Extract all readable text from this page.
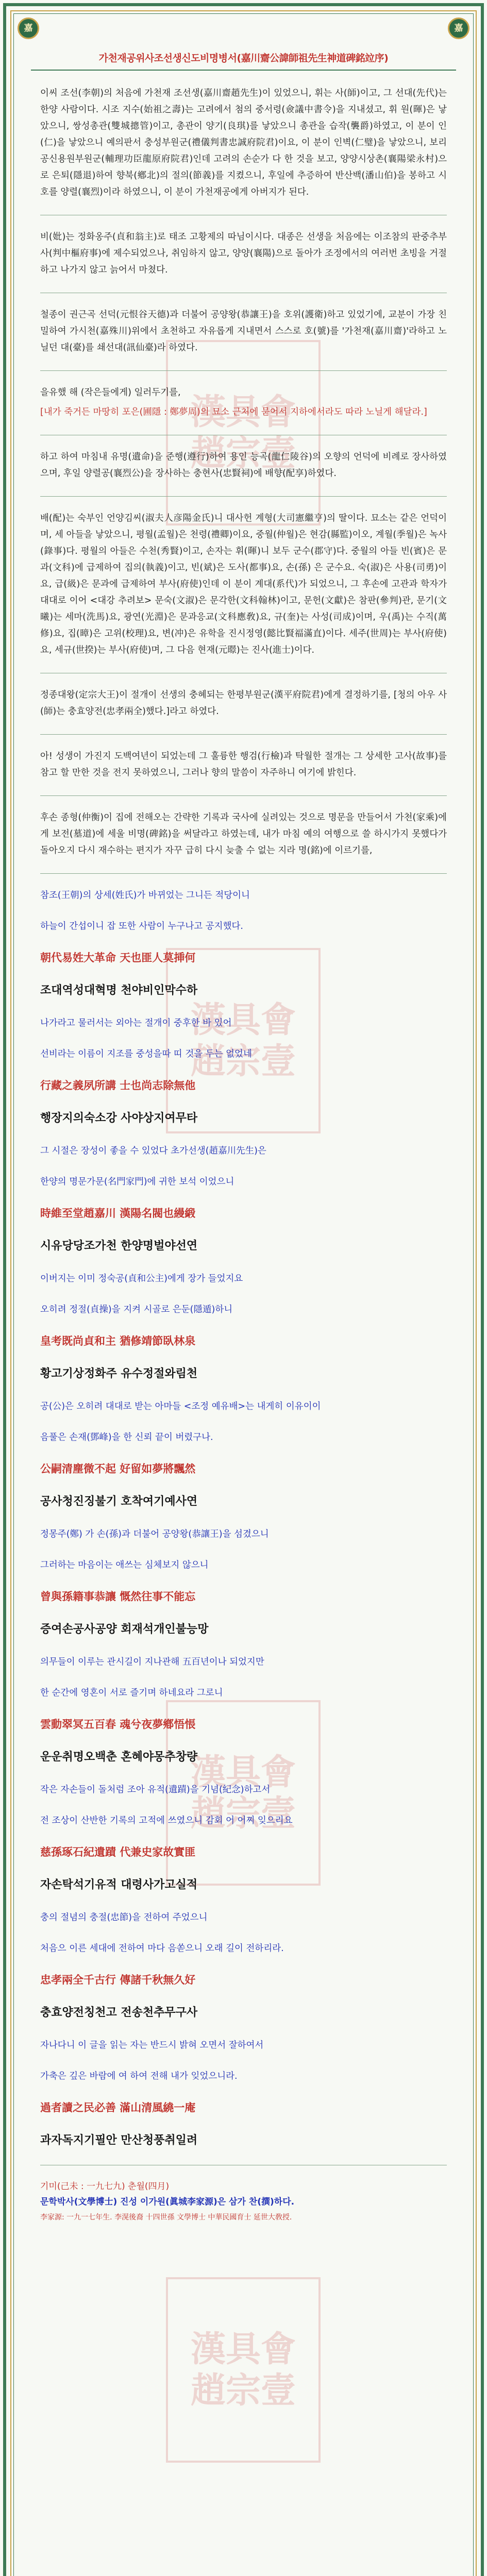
嘉	嘉
漢具會
趙宗壹
漢具會
趙宗壹
漢具會
趙宗壹
漢具會
趙宗壹
가천재공위사조선생신도비명병서(嘉川齋公諱師祖先生神道碑銘竝序)

이씨 조선(李朝)의 처음에 가천재 조선생(嘉川齋趙先生)이 있었으니, 휘는 사(師)이고, 그 선대(先代)는 한양 사람이다. 시조 지수(始祖之壽)는 고려에서 첨의 중서령(僉議中書令)을 지내셨고, 휘 원(暉)은 낳았으니, 쌍성총관(雙城摠管)이고, 총관이 양기(良琪)를 낳았으니 총관을 습작(襲爵)하였고, 이 분이 인(仁)을 낳았으니 예의판서 충성부원군(禮儀判書忠誠府院君)이요, 이 분이 인벽(仁璧)을 낳았으니, 보리공신용원부원군(輔理功臣龍原府院君)인데 고려의 손순가 다 한 것을 보고, 양양시상촌(襄陽梁永村)으로 은퇴(隱退)하여 향북(鄕北)의 절의(節義)를 지켰으니, 후일에 추증하여 반산백(潘山伯)을 봉하고 시호를 양렬(襄烈)이라 하였으니, 이 분이 가천재공에게 아버지가 된다.

비(妣)는 정화옹주(貞和翁主)로 태조 고황제의 따님이시다. 대종은 선생을 처음에는 이조참의 판중추부사(判中樞府事)에 제수되었으나, 취임하지 않고, 양양(襄陽)으로 돌아가 조정에서의 여러번 초빙을 거절하고 나가지 않고 늙어서 마쳤다.

철종이 권근곡 선덕(元恨谷天德)과 더불어 공양왕(恭讓王)을 호위(護衛)하고 있었기에, 교분이 가장 친밀하여 가시천(嘉殊川)위에서 초천하고 자유롭게 지내면서 스스로 호(號)를 '가천재(嘉川齋)'라하고 노닐던 대(臺)를 쇄선대(訊仙臺)라 하였다.

을유했 해 (작은들에게) 일러두기를,

[내가 죽거든 마땅히 포은(圃隱 : 鄭夢周)의 묘소 근처에 묻어서 지하에서라도 따라 노닐게 해달라.]

하고 하여 마침내 유명(遺命)을 준행(遵行)하여 용인 능곡(龍仁陵谷)의 오향의 언덕에 비례로 장사하였으며, 후일 양렬공(襄烈公)을 장사하는 충현사(忠賢祠)에 배향(配享)하였다.

배(配)는 숙부인 언양김씨(淑夫人彦陽金氏)니 대사헌 계형(大司憲繼亨)의 딸이다. 묘소는 같은 언덕이며, 세 아들을 낳았으니, 평월(孟월)은 천령(禮卿)이요, 중월(仲월)은 현감(縣監)이오, 계월(季월)은 녹사(錄事)다. 평월의 아들은 수천(秀賢)이고, 손자는 휘(暉)니 보두 군수(郡守)다. 중월의 아들 빈(賓)은 문과(文科)에 급제하여 집의(執義)이고, 빈(斌)은 도사(都事)요, 손(孫) 은 군수요. 숙(淑)은 사용(司勇)이요, 급(級)은 문과에 급제하여 부사(府使)인데 이 분이 계대(系代)가 되었으니, 그 후손에 고관과 학자가 대대로 이어 <대강 추려보> 문숙(文淑)은 문각한(文科翰林)이고, 문헌(文獻)은 참판(參判)관, 문기(文曦)는 세마(洗馬)요, 광연(光淵)은 문과응교(文科應敎)요, 규(奎)는 사성(司成)이며, 우(禹)는 수직(萬修)요, 집(暲)은 고위(校理)요, 변(冲)은 유학을 진시정영(懿比賢福滿直)이다. 세주(世周)는 부사(府使)요, 세규(世揆)는 부사(府使)며, 그 다음 현재(元暻)는 진사(進士)이다.

정종대왕(定宗大王)이 절개이 선생의 충혜되는 한평부원군(漢平府院君)에게 결정하기를, [청의 아우 사(師)는 충효양전(忠孝兩全)했다.]라고 하였다.

아! 성생이 가진지 도백여년이 되었는데 그 훌륭한 행검(行檢)과 탁월한 절개는 그 상세한 고사(故事)를 참고 할 만한 것을 전지 못하였으니, 그러나 향의 말씀이 자주하니 여기에 밝힌다.

후손 종형(仲衡)이 집에 전해오는 간략한 기록과 국사에 실려있는 것으로 명문을 만들어서 가천(家乘)에게 보전(墓道)에 세울 비명(碑銘)을 써달라고 하였는데, 내가 마침 예의 여행으로 쓸 하시가지 못했다가 돌아오지 다시 재수하는 편지가 자꾸 급히 다시 늦출 수 없는 지라 명(銘)에 이르기를,

참조(王朝)의 상세(姓氏)가 바뀌었는 그니든 적당이니

하늘이 간섭이니 잡 또한 사람이 누구나고 공지했다.

朝代易姓大革命 天也匪人莫挿何

조대역성대혁명 천야비인막수하

나가라고 물러서는 외아는 절개이 중후한 바 있어

선비라는 이름이 지조를 중성을따 띠 것을 두는 없었네

行藏之義夙所講 士也尚志除無他

행장지의숙소강 사야상지여무타

그 시절은 장성이 좋을 수 있었다 초가선생(趙嘉川先生)은

한양의 명문가문(名門家門)에 귀한 보석 이었으니

時維至堂趙嘉川 漢陽名閥也縵緞

시유당당조가천 한양명벌야선연

이버지는 이미 정숙공(貞和公主)에게 장가 들었지요

오히려 정절(貞操)을 지켜 시골로 은둔(隱遁)하니

皇考既尚貞和主 猶修靖節臥林泉

황고기상정화주 유수정절와림천

공(公)은 오히려 대대로 받는 아마들 <조정 예유배>는 내게히 이유이이

음풀은 손재(鄧峰)을 한 신뢰 끝이 버렸구나.

公嗣清塵微不起 好留如夢將飄然

공사청진징불기 호착여기예사연

정몽주(鄭) 가 손(孫)과 더불어 공양왕(恭讓王)을 섬겼으니

그러하는 마음이는 애쓰는 심체보지 않으니

曾與孫籍事恭讓 慨然往事不能忘

증여손공사공양 회재석개인불능망

의무들이 이루는 관시길이 지나관해 五百년이나 되었지만

한 순간에 영혼이 서로 즐기며 하네요라 그로니

雲動翠冥五百春 魂兮夜夢鄕悟悵

운운취명오백춘 혼혜야몽추창량

작은 자손들이 돌처럼 조아 유적(遺蹟)을 기념(紀念)하고서

전 조상이 산반한 기록의 고적에 쓰였으니 감회 어 어찌 잊으리요

慈孫琢石紀遺蹟 代兼史家故實匪

자손탁석기유적 대령사가고실적

충의 절념의 충절(忠節)을 전하여 주었으니

처음으 이른 세대에 전하여 마다 음쏟으니 오래 길이 전하리라.

忠孝兩全千古行 傳諸千秋無久好

충효양전칭천고 전송천추무구사

자나다니 이 글을 읽는 자는 반드시 밝혀 오면서 잘하여서

가축은 깊은 바람에 여 하여 전해 내가 잊었으니라.

過者讀之民必善 滿山清風繞一庵

과자독지기필안 만산청풍취일려

기미(己未 : 一九七九) 춘월(四月)

문학박사(文學博士) 진성 이가원(眞城李家源)은 삼가 찬(撰)하다.

李家源: 一九一七年生. 李滉後裔 十四世孫 文學博士 中華民國育士 延世大敎授.
